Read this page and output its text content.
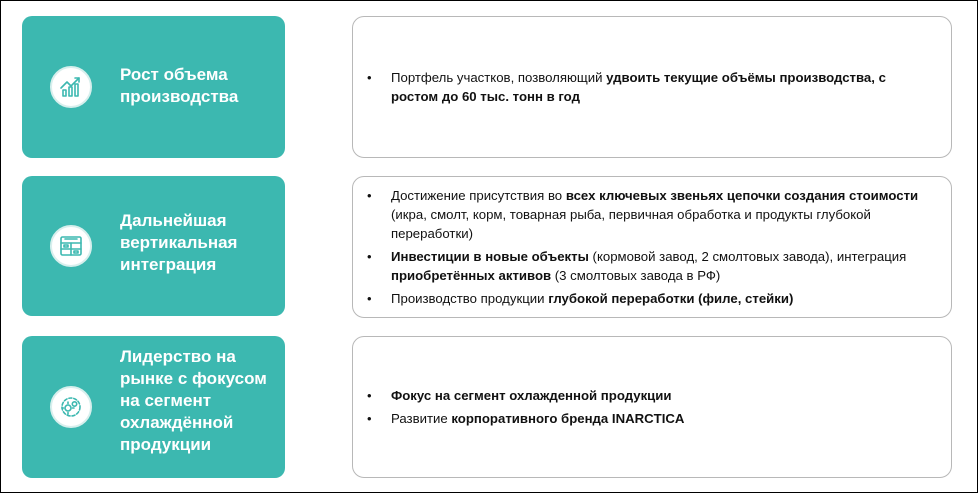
Рост объема
производства
• Портфель участков, позволяющий удвоить текущие объёмы производства, с ростом до 60 тыс. тонн в год
Дальнейшая
вертикальная
интеграция
• Достижение присутствия во всех ключевых звеньях цепочки создания стоимости (икра, смолт, корм, товарная рыба, первичная обработка и продукты глубокой переработки)
• Инвестиции в новые объекты (кормовой завод, 2 смолтовых завода), интеграция приобретённых активов (3 смолтовых завода в РФ)
• Производство продукции глубокой переработки (филе, стейки)
Лидерство на
рынке с фокусом
на сегмент
охлаждённой
продукции
• Фокус на сегмент охлажденной продукции
• Развитие корпоративного бренда INARCTICA
